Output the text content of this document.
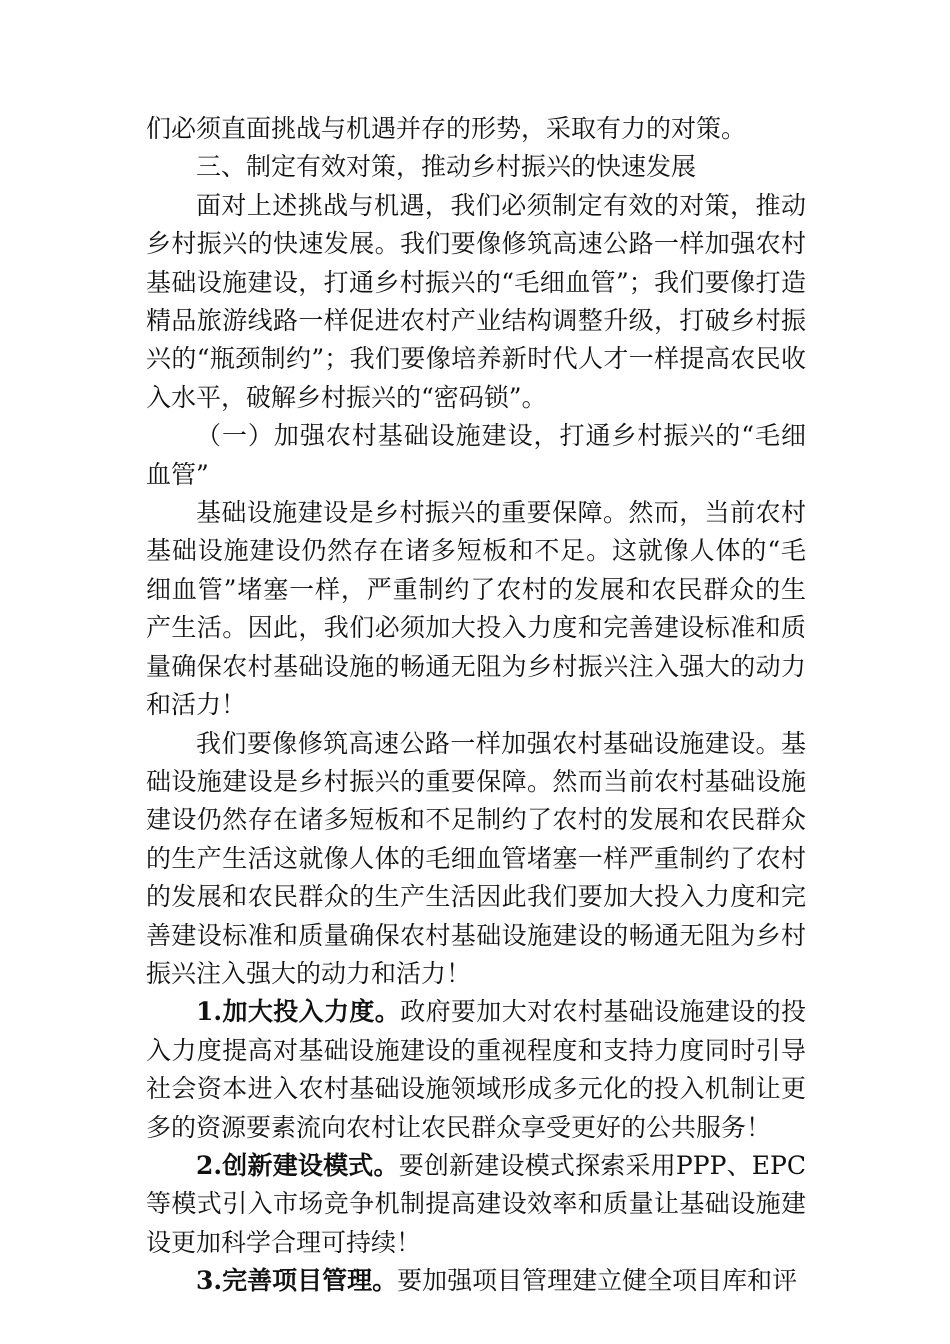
们必须直面挑战与机遇并存的形势，采取有力的对策。

三、制定有效对策，推动乡村振兴的快速发展

面对上述挑战与机遇，我们必须制定有效的对策，推动乡村振兴的快速发展。我们要像修筑高速公路一样加强农村基础设施建设，打通乡村振兴的“毛细血管”；我们要像打造精品旅游线路一样促进农村产业结构调整升级，打破乡村振兴的“瓶颈制约”；我们要像培养新时代人才一样提高农民收入水平，破解乡村振兴的“密码锁”。

（一）加强农村基础设施建设，打通乡村振兴的“毛细血管”

基础设施建设是乡村振兴的重要保障。然而，当前农村基础设施建设仍然存在诸多短板和不足。这就像人体的“毛细血管”堵塞一样，严重制约了农村的发展和农民群众的生产生活。因此，我们必须加大投入力度和完善建设标准和质量确保农村基础设施的畅通无阻为乡村振兴注入强大的动力和活力！

我们要像修筑高速公路一样加强农村基础设施建设。基础设施建设是乡村振兴的重要保障。然而当前农村基础设施建设仍然存在诸多短板和不足制约了农村的发展和农民群众的生产生活这就像人体的毛细血管堵塞一样严重制约了农村的发展和农民群众的生产生活因此我们要加大投入力度和完善建设标准和质量确保农村基础设施建设的畅通无阻为乡村振兴注入强大的动力和活力！

1.加大投入力度。政府要加大对农村基础设施建设的投入力度提高对基础设施建设的重视程度和支持力度同时引导社会资本进入农村基础设施领域形成多元化的投入机制让更多的资源要素流向农村让农民群众享受更好的公共服务！

2.创新建设模式。要创新建设模式探索采用PPP、EPC等模式引入市场竞争机制提高建设效率和质量让基础设施建设更加科学合理可持续！

3.完善项目管理。要加强项目管理建立健全项目库和评
